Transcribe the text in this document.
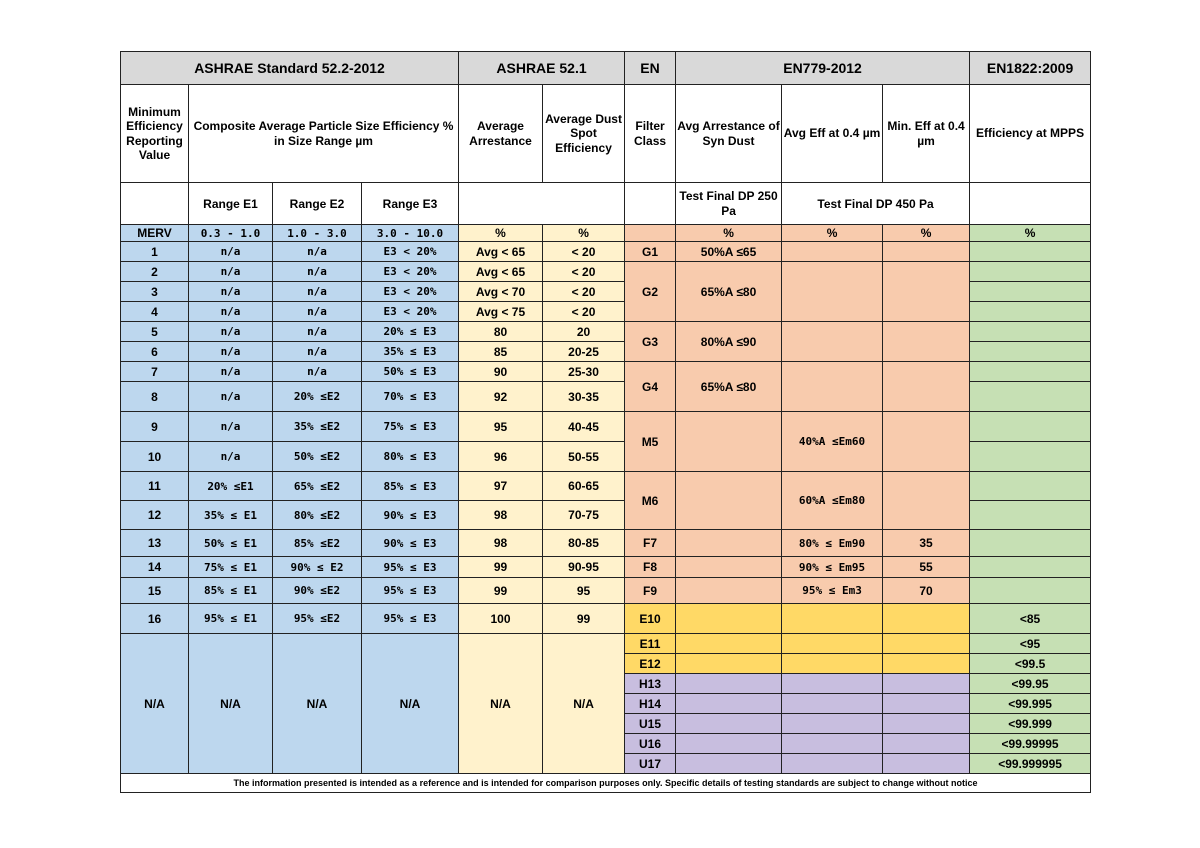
ASHRAE Standard 52.2-2012				ASHRAE 52.1		EN	EN779-2012			EN1822:2009
Minimum Efficiency Reporting Value	Composite Average Particle Size Efficiency % in Size Range µm			Average Arrestance	Average Dust Spot Efficiency	Filter Class	Avg Arrestance of Syn Dust	Avg Eff at 0.4 µm	Min. Eff at 0.4 µm	Efficiency at MPPS
	Range E1	Range E2	Range E3				Test Final DP 250 Pa	Test Final DP 450 Pa		
MERV	0.3 - 1.0	1.0 - 3.0	3.0 - 10.0	%	%		%	%	%	%
1	n/a	n/a	E3 < 20%	Avg < 65	< 20	G1	50%A ≤65			
2	n/a	n/a	E3 < 20%	Avg < 65	< 20	G2	65%A ≤80			
3	n/a	n/a	E3 < 20%	Avg < 70	< 20					
4	n/a	n/a	E3 < 20%	Avg < 75	< 20					
5	n/a	n/a	20% ≤ E3	80	20	G3	80%A ≤90			
6	n/a	n/a	35% ≤ E3	85	20-25					
7	n/a	n/a	50% ≤ E3	90	25-30	G4	65%A ≤80			
8	n/a	20% ≤E2	70% ≤ E3	92	30-35					
9	n/a	35% ≤E2	75% ≤ E3	95	40-45	M5		40%A ≤Em60		
10	n/a	50% ≤E2	80% ≤ E3	96	50-55					
11	20% ≤E1	65% ≤E2	85% ≤ E3	97	60-65	M6		60%A ≤Em80		
12	35% ≤ E1	80% ≤E2	90% ≤ E3	98	70-75					
13	50% ≤ E1	85% ≤E2	90% ≤ E3	98	80-85	F7		80% ≤ Em90	35	
14	75% ≤ E1	90% ≤ E2	95% ≤ E3	99	90-95	F8		90% ≤ Em95	55	
15	85% ≤ E1	90% ≤E2	95% ≤ E3	99	95	F9		95% ≤ Em3	70	
16	95% ≤ E1	95% ≤E2	95% ≤ E3	100	99	E10				<85
N/A	N/A	N/A	N/A	N/A	N/A	E11				<95
						E12				<99.5
						H13				<99.95
						H14				<99.995
						U15				<99.999
						U16				<99.99995
						U17				<99.999995
The information presented is intended as a reference and is intended for comparison purposes only. Specific details of testing standards are subject to change without notice										
